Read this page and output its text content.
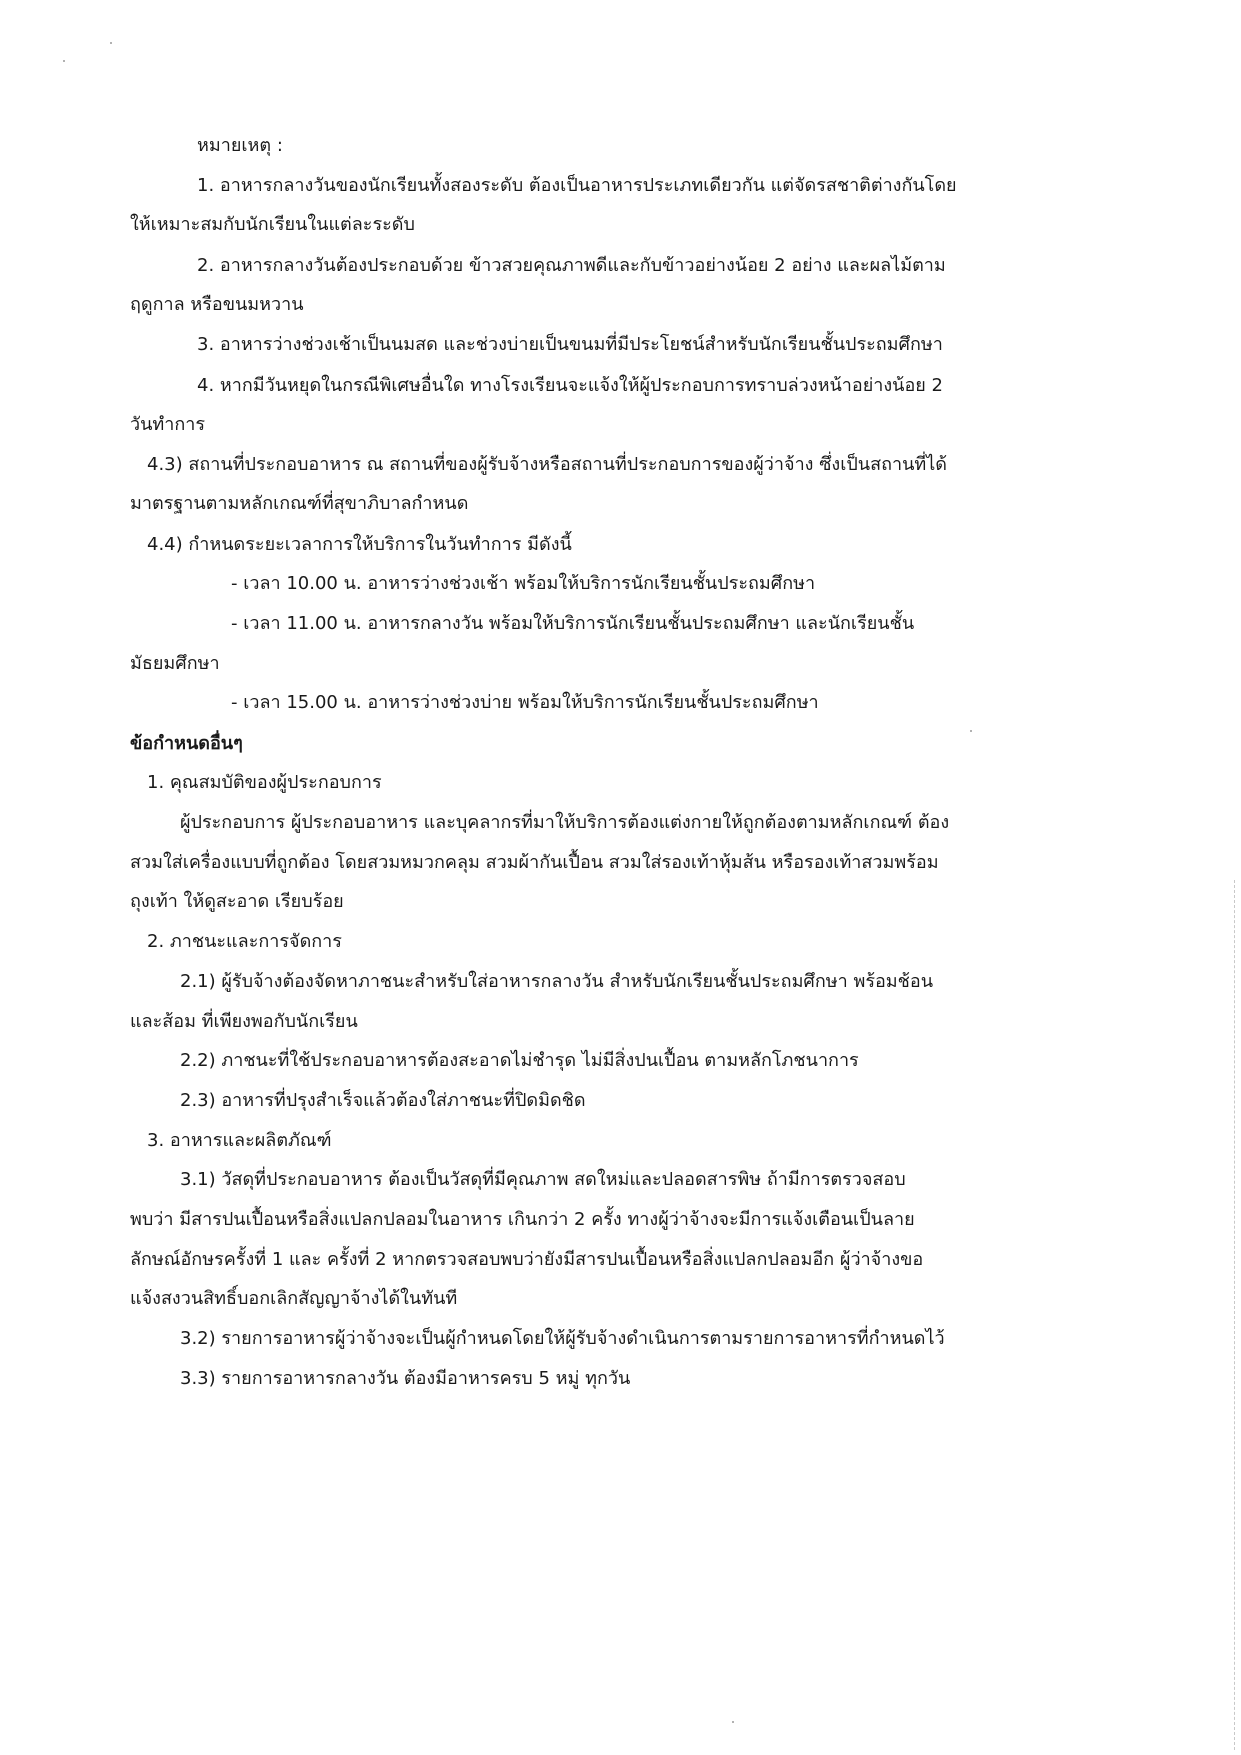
หมายเหตุ :
1. อาหารกลางวันของนักเรียนทั้งสองระดับ ต้องเป็นอาหารประเภทเดียวกัน แต่จัดรสชาติต่างกันโดย
ให้เหมาะสมกับนักเรียนในแต่ละระดับ
2. อาหารกลางวันต้องประกอบด้วย ข้าวสวยคุณภาพดีและกับข้าวอย่างน้อย 2 อย่าง และผลไม้ตาม
ฤดูกาล หรือขนมหวาน
3. อาหารว่างช่วงเช้าเป็นนมสด และช่วงบ่ายเป็นขนมที่มีประโยชน์สำหรับนักเรียนชั้นประถมศึกษา
4. หากมีวันหยุดในกรณีพิเศษอื่นใด ทางโรงเรียนจะแจ้งให้ผู้ประกอบการทราบล่วงหน้าอย่างน้อย 2
วันทำการ
4.3) สถานที่ประกอบอาหาร ณ สถานที่ของผู้รับจ้างหรือสถานที่ประกอบการของผู้ว่าจ้าง ซึ่งเป็นสถานที่ได้
มาตรฐานตามหลักเกณฑ์ที่สุขาภิบาลกำหนด
4.4) กำหนดระยะเวลาการให้บริการในวันทำการ มีดังนี้
- เวลา 10.00 น. อาหารว่างช่วงเช้า พร้อมให้บริการนักเรียนชั้นประถมศึกษา
- เวลา 11.00 น. อาหารกลางวัน พร้อมให้บริการนักเรียนชั้นประถมศึกษา และนักเรียนชั้น
มัธยมศึกษา
- เวลา 15.00 น. อาหารว่างช่วงบ่าย พร้อมให้บริการนักเรียนชั้นประถมศึกษา
ข้อกำหนดอื่นๆ
1. คุณสมบัติของผู้ประกอบการ
ผู้ประกอบการ ผู้ประกอบอาหาร และบุคลากรที่มาให้บริการต้องแต่งกายให้ถูกต้องตามหลักเกณฑ์ ต้อง
สวมใส่เครื่องแบบที่ถูกต้อง โดยสวมหมวกคลุม สวมผ้ากันเปื้อน สวมใส่รองเท้าหุ้มส้น หรือรองเท้าสวมพร้อม
ถุงเท้า ให้ดูสะอาด เรียบร้อย
2. ภาชนะและการจัดการ
2.1) ผู้รับจ้างต้องจัดหาภาชนะสำหรับใส่อาหารกลางวัน สำหรับนักเรียนชั้นประถมศึกษา พร้อมช้อน
และส้อม ที่เพียงพอกับนักเรียน
2.2) ภาชนะที่ใช้ประกอบอาหารต้องสะอาดไม่ชำรุด ไม่มีสิ่งปนเปื้อน ตามหลักโภชนาการ
2.3) อาหารที่ปรุงสำเร็จแล้วต้องใส่ภาชนะที่ปิดมิดชิด
3. อาหารและผลิตภัณฑ์
3.1) วัสดุที่ประกอบอาหาร ต้องเป็นวัสดุที่มีคุณภาพ สดใหม่และปลอดสารพิษ ถ้ามีการตรวจสอบ
พบว่า มีสารปนเปื้อนหรือสิ่งแปลกปลอมในอาหาร เกินกว่า 2 ครั้ง ทางผู้ว่าจ้างจะมีการแจ้งเตือนเป็นลาย
ลักษณ์อักษรครั้งที่ 1 และ ครั้งที่ 2 หากตรวจสอบพบว่ายังมีสารปนเปื้อนหรือสิ่งแปลกปลอมอีก ผู้ว่าจ้างขอ
แจ้งสงวนสิทธิ์บอกเลิกสัญญาจ้างได้ในทันที
3.2) รายการอาหารผู้ว่าจ้างจะเป็นผู้กำหนดโดยให้ผู้รับจ้างดำเนินการตามรายการอาหารที่กำหนดไว้
3.3) รายการอาหารกลางวัน ต้องมีอาหารครบ 5 หมู่ ทุกวัน
